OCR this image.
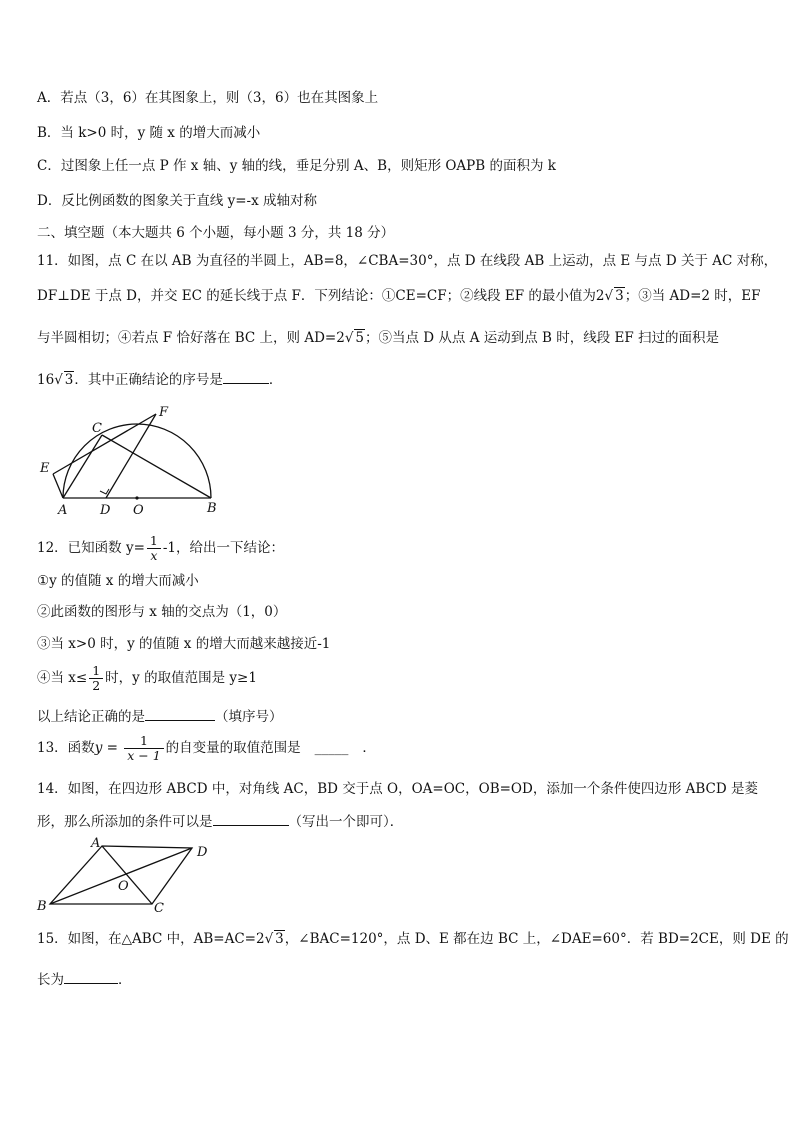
A．若点（3，6）在其图象上，则（3，6）也在其图象上
B．当 k>0 时，y 随 x 的增大而减小
C．过图象上任一点 P 作 x 轴、y 轴的线，垂足分别 A、B，则矩形 OAPB 的面积为 k
D．反比例函数的图象关于直线 y=-x 成轴对称
二、填空题（本大题共 6 个小题，每小题 3 分，共 18 分）
11．如图，点 C 在以 AB 为直径的半圆上，AB=8，∠CBA=30°，点 D 在线段 AB 上运动，点 E 与点 D 关于 AC 对称，
DF⊥DE 于点 D，并交 EC 的延长线于点 F．下列结论：①CE=CF；②线段 EF 的最小值为2√ 3；③当 AD=2 时，EF
与半圆相切；④若点 F 恰好落在 BC 上，则 AD=2√ 5；⑤当点 D 从点 A 运动到点 B 时，线段 EF 扫过的面积是
16√ 3．其中正确结论的序号是	．
F
C
E
A	D O	B
12．已知函数 $y= \frac{1}{x} -1$，给出一下结论：
①y 的值随 x 的增大而减小
②此函数的图形与 x 轴的交点为（1，0）
③当 x>0 时，y 的值随 x 的增大而越来越接近-1
④当 $x\le \frac{1}{2}$ 时，y 的取值范围是 y≥1
以上结论正确的是	（填序号）
13．函数$y = \frac{1}{x - 1}$ 的自变量的取值范围是 _____ ．
14．如图，在四边形 ABCD 中，对角线 AC，BD 交于点 O，OA=OC，OB=OD，添加一个条件使四边形 ABCD 是菱
形，那么所添加的条件可以是	（写出一个即可）．
A
D
O
B	C
15．如图，在△ABC 中，AB=AC=2√ 3，∠BAC=120°，点 D、E 都在边 BC 上，∠DAE=60°．若 BD=2CE，则 DE 的
长为	．
